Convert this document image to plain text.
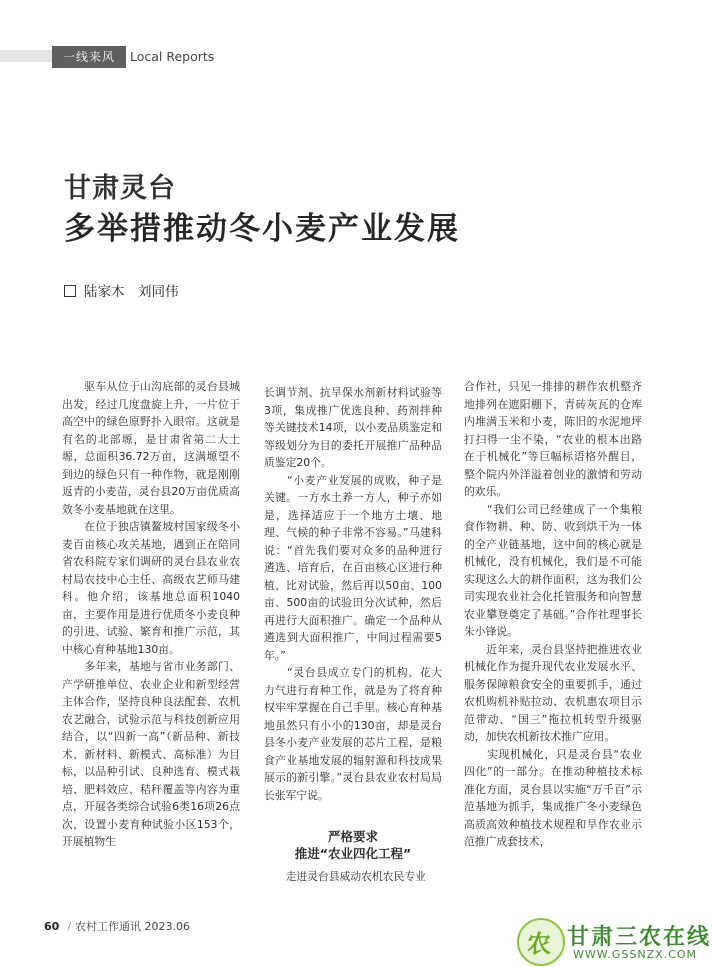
一线来风	Local Reports
甘肃灵台
多举措推动冬小麦产业发展
陆家木　刘同伟
　　驱车从位于山沟底部的灵台县城出发，经过几度盘旋上升，一片位于高空中的绿色原野扑入眼帘。这就是有名的北部塬，是甘肃省第二大土塬，总面积36.72万亩，这满塬望不到边的绿色只有一种作物，就是刚刚返青的小麦苗，灵台县20万亩优质高效冬小麦基地就在这里。
　　在位于独店镇鳌坡村国家级冬小麦百亩核心攻关基地，遇到正在陪同省农科院专家们调研的灵台县农业农村局农技中心主任、高级农艺师马建科。他介绍，该基地总面积1040亩，主要作用是进行优质冬小麦良种的引进、试验、繁育和推广示范，其中核心育种基地130亩。
　　多年来，基地与省市业务部门、产学研推单位、农业企业和新型经营主体合作，坚持良种良法配套、农机农艺融合，试验示范与科技创新应用结合，以“四新一高”（新品种、新技术、新材料、新模式、高标准）为目标，以品种引试、良种选育、模式栽培、肥料效应、秸秆覆盖等内容为重点，开展各类综合试验6类16项26点次，设置小麦育种试验小区153个，开展植物生
长调节剂、抗旱保水剂新材料试验等3项，集成推广优选良种、药剂拌种等关键技术14项，以小麦品质鉴定和等级划分为目的委托开展推广品种品质鉴定20个。
　　“小麦产业发展的成败，种子是关键。一方水土养一方人，种子亦如是，选择适应于一个地方土壤、地理、气候的种子非常不容易。”马建科说：“首先我们要对众多的品种进行遴选、培育后，在百亩核心区进行种植、比对试验，然后再以50亩、100亩、500亩的试验田分次试种，然后再进行大面积推广。确定一个品种从遴选到大面积推广，中间过程需要5年。”
　　“灵台县成立专门的机构、花大力气进行育种工作，就是为了将育种权牢牢掌握在自己手里。核心育种基地虽然只有小小的130亩，却是灵台县冬小麦产业发展的芯片工程，是粮食产业基地发展的辐射源和科技成果展示的新引擎。”灵台县农业农村局局长张军宁说。
严格要求
推进“农业四化工程”
　　走进灵台县威动农机农民专业
合作社，只见一排排的耕作农机整齐地排列在遮阳棚下，青砖灰瓦的仓库内堆满玉米和小麦，陈旧的水泥地坪打扫得一尘不染，“农业的根本出路在于机械化”等巨幅标语格外醒目，整个院内外洋溢着创业的激情和劳动的欢乐。
　　“我们公司已经建成了一个集粮食作物耕、种、防、收到烘干为一体的全产业链基地，这中间的核心就是机械化，没有机械化，我们是不可能实现这么大的耕作面积，这为我们公司实现农业社会化托管服务和向智慧农业攀登奠定了基础。”合作社理事长朱小锋说。
　　近年来，灵台县坚持把推进农业机械化作为提升现代农业发展水平、服务保障粮食安全的重要抓手，通过农机购机补贴拉动、农机惠农项目示范带动、“国三”拖拉机转型升级驱动，加快农机新技术推广应用。
　　实现机械化，只是灵台县“农业四化”的一部分。在推动种植技术标准化方面，灵台县以实施“万千百”示范基地为抓手，集成推广冬小麦绿色高质高效种植技术规程和旱作农业示范推广成套技术，
60 / 农村工作通讯 2023.06
农 甘肃三农在线
WWW.GSSNZX.COM
